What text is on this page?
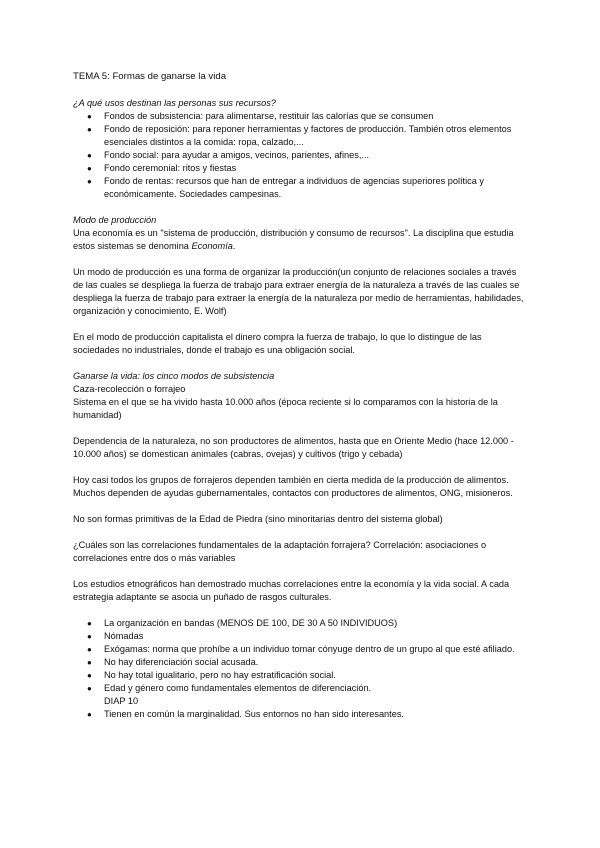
TEMA 5: Formas de ganarse la vida

¿A qué usos destinan las personas sus recursos?

● Fondos de subsistencia: para alimentarse, restituir las calorías que se consumen
● Fondo de reposición: para reponer herramientas y factores de producción. También otros elementos esenciales distintos a la comida: ropa, calzado,...
● Fondo social: para ayudar a amigos, vecinos, parientes, afines,...
● Fondo ceremonial: ritos y fiestas
● Fondo de rentas: recursos que han de entregar a individuos de agencias superiores política y económicamente. Sociedades campesinas.

Modo de producción

Una economía es un "sistema de producción, distribución y consumo de recursos". La disciplina que estudia estos sistemas se denomina Economía.

Un modo de producción es una forma de organizar la producción(un conjunto de relaciones sociales a través de las cuales se despliega la fuerza de trabajo para extraer energía de la naturaleza a través de las cuales se despliega la fuerza de trabajo para extraer la energía de la naturaleza por medio de herramientas, habilidades, organización y conocimiento, E. Wolf)

En el modo de producción capitalista el dinero compra la fuerza de trabajo, lo que lo distingue de las sociedades no industriales, donde el trabajo es una obligación social.

Ganarse la vida: los cinco modos de subsistencia

Caza-recolección o forrajeo

Sistema en el que se ha vivido hasta 10.000 años (época reciente si lo comparamos con la historia de la humanidad)

Dependencia de la naturaleza, no son productores de alimentos, hasta que en Oriente Medio (hace 12.000 - 10.000 años) se domestican animales (cabras, ovejas) y cultivos (trigo y cebada)

Hoy casi todos los grupos de forrajeros dependen también en cierta medida de la producción de alimentos. Muchos dependen de ayudas gubernamentales, contactos con productores de alimentos, ONG, misioneros.

No son formas primitivas de la Edad de Piedra (sino minoritarias dentro del sistema global)

¿Cuáles son las correlaciones fundamentales de la adaptación forrajera? Correlación: asociaciones o correlaciones entre dos o más variables

Los estudios etnográficos han demostrado muchas correlaciones entre la economía y la vida social. A cada estrategia adaptante se asocia un puñado de rasgos culturales.

● La organización en bandas (MENOS DE 100, DE 30 A 50 INDIVIDUOS)
● Nómadas
● Exógamas: norma que prohíbe a un individuo tomar cónyuge dentro de un grupo al que esté afiliado.
● No hay diferenciación social acusada.
● No hay total igualitario, pero no hay estratificación social.
● Edad y género como fundamentales elementos de diferenciación.

DIAP 10

● Tienen en común la marginalidad. Sus entornos no han sido interesantes.
